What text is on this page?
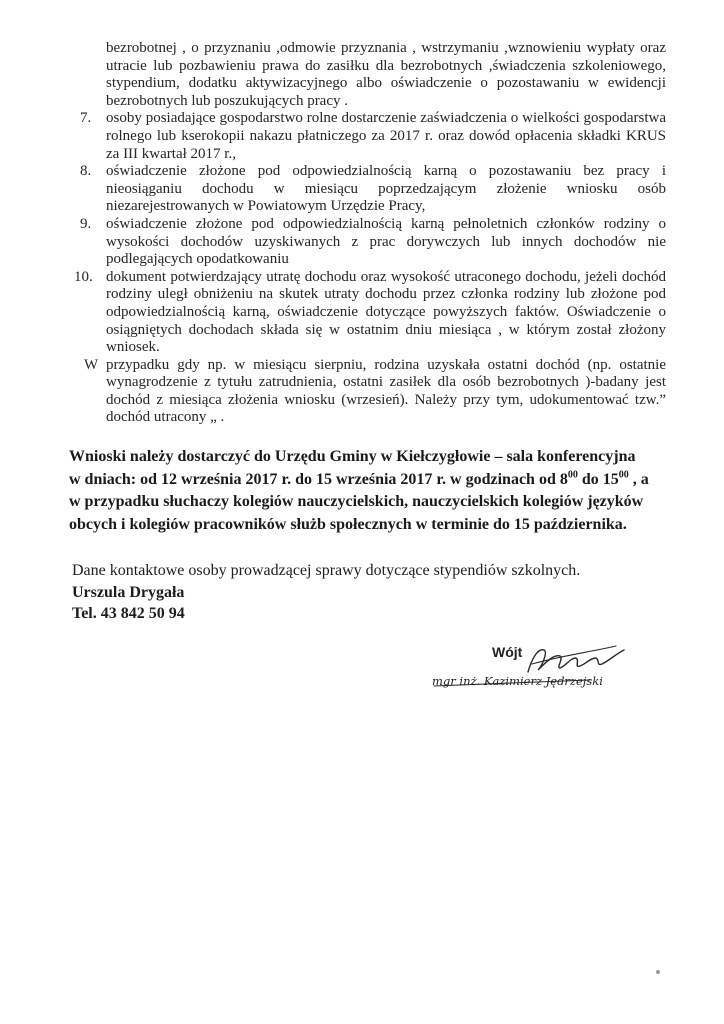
bezrobotnej , o przyznaniu ,odmowie przyznania , wstrzymaniu ,wznowieniu wypłaty oraz utracie lub pozbawieniu prawa do zasiłku dla bezrobotnych ,świadczenia szkoleniowego, stypendium, dodatku aktywizacyjnego albo oświadczenie o pozostawaniu w ewidencji bezrobotnych lub poszukujących pracy .
7. osoby posiadające gospodarstwo rolne dostarczenie zaświadczenia o wielkości gospodarstwa rolnego lub kserokopii nakazu płatniczego za 2017 r. oraz dowód opłacenia składki KRUS za III kwartał 2017 r.,
8. oświadczenie złożone pod odpowiedzialnością karną o pozostawaniu bez pracy i nieosiąganiu dochodu w miesiącu poprzedzającym złożenie wniosku osób niezarejestrowanych w Powiatowym Urzędzie Pracy,
9. oświadczenie złożone pod odpowiedzialnością karną pełnoletnich członków rodziny o wysokości dochodów uzyskiwanych z prac dorywczych lub innych dochodów nie podlegających opodatkowaniu
10. dokument potwierdzający utratę dochodu oraz wysokość utraconego dochodu, jeżeli dochód rodziny uległ obniżeniu na skutek utraty dochodu przez członka rodziny lub złożone pod odpowiedzialnością karną, oświadczenie dotyczące powyższych faktów. Oświadczenie o osiągniętych dochodach składa się w ostatnim dniu miesiąca , w którym został złożony wniosek.
W przypadku gdy np. w miesiącu sierpniu, rodzina uzyskała ostatni dochód (np. ostatnie wynagrodzenie z tytułu zatrudnienia, ostatni zasiłek dla osób bezrobotnych )-badany jest dochód z miesiąca złożenia wniosku (wrzesień). Należy przy tym, udokumentować tzw.” dochód utracony „ .
Wnioski należy dostarczyć do Urzędu Gminy w Kiełczygłowie – sala konferencyjna w dniach: od 12 września 2017 r. do 15 września 2017 r. w godzinach od $8^{00}$ do $15^{00}$ , a w przypadku słuchaczy kolegiów nauczycielskich, nauczycielskich kolegiów języków obcych i kolegiów pracowników służb społecznych w terminie do 15 października.
Dane kontaktowe osoby prowadzącej sprawy dotyczące stypendiów szkolnych.
Urszula Drygała
Tel. 43 842 50 94
Wójt
mgr inż. Kazimierz Jędrzejski
